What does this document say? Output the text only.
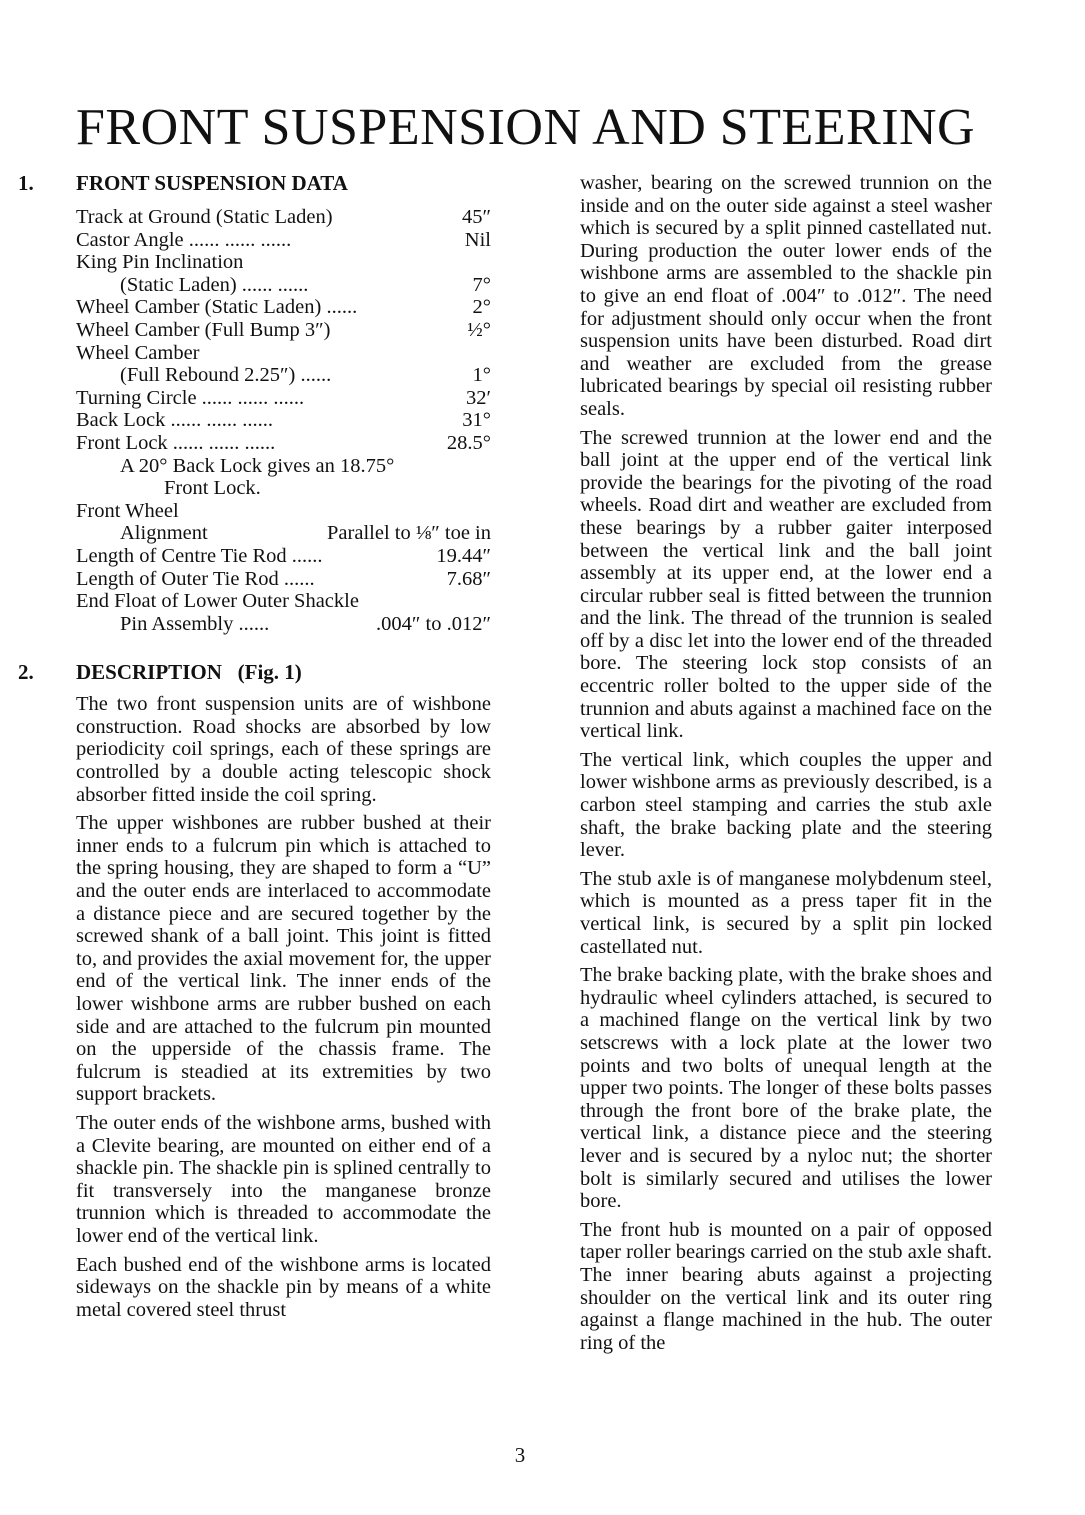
FRONT SUSPENSION AND STEERING
1.	FRONT SUSPENSION DATA
Track at Ground (Static Laden)	45″
Castor Angle ...... ...... ......	Nil
King Pin Inclination
(Static Laden) ...... ......	7°
Wheel Camber (Static Laden) ......	2°
Wheel Camber (Full Bump 3″)	½°
Wheel Camber
(Full Rebound 2.25″) ......	1°
Turning Circle ...... ...... ......	32′
Back Lock ...... ...... ......	31°
Front Lock ...... ...... ......	28.5°
A 20° Back Lock gives an 18.75°
Front Lock.
Front Wheel
Alignment	Parallel to ⅛″ toe in
Length of Centre Tie Rod ......	19.44″
Length of Outer Tie Rod ......	7.68″
End Float of Lower Outer Shackle
Pin Assembly ......	.004″ to .012″
2.	DESCRIPTION   (Fig. 1)

The two front suspension units are of wishbone construction. Road shocks are absorbed by low periodicity coil springs, each of these springs are controlled by a double acting telescopic shock absorber fitted inside the coil spring.

The upper wishbones are rubber bushed at their inner ends to a fulcrum pin which is attached to the spring housing, they are shaped to form a “U” and the outer ends are interlaced to accommodate a distance piece and are secured together by the screwed shank of a ball joint. This joint is fitted to, and provides the axial movement for, the upper end of the vertical link. The inner ends of the lower wishbone arms are rubber bushed on each side and are attached to the fulcrum pin mounted on the upperside of the chassis frame. The fulcrum is steadied at its extremities by two support brackets.

The outer ends of the wishbone arms, bushed with a Clevite bearing, are mounted on either end of a shackle pin. The shackle pin is splined centrally to fit transversely into the manganese bronze trunnion which is threaded to accommodate the lower end of the vertical link.

Each bushed end of the wishbone arms is located sideways on the shackle pin by means of a white metal covered steel thrust

washer, bearing on the screwed trunnion on the inside and on the outer side against a steel washer which is secured by a split pinned castellated nut. During production the outer lower ends of the wishbone arms are assembled to the shackle pin to give an end float of .004″ to .012″. The need for adjustment should only occur when the front suspension units have been disturbed. Road dirt and weather are excluded from the grease lubricated bearings by special oil resisting rubber seals.

The screwed trunnion at the lower end and the ball joint at the upper end of the vertical link provide the bearings for the pivoting of the road wheels. Road dirt and weather are excluded from these bearings by a rubber gaiter interposed between the vertical link and the ball joint assembly at its upper end, at the lower end a circular rubber seal is fitted between the trunnion and the link. The thread of the trunnion is sealed off by a disc let into the lower end of the threaded bore. The steering lock stop consists of an eccentric roller bolted to the upper side of the trunnion and abuts against a machined face on the vertical link.

The vertical link, which couples the upper and lower wishbone arms as previously described, is a carbon steel stamping and carries the stub axle shaft, the brake backing plate and the steering lever.

The stub axle is of manganese molybdenum steel, which is mounted as a press taper fit in the vertical link, is secured by a split pin locked castellated nut.

The brake backing plate, with the brake shoes and hydraulic wheel cylinders attached, is secured to a machined flange on the vertical link by two setscrews with a lock plate at the lower two points and two bolts of unequal length at the upper two points. The longer of these bolts passes through the front bore of the brake plate, the vertical link, a distance piece and the steering lever and is secured by a nyloc nut; the shorter bolt is similarly secured and utilises the lower bore.

The front hub is mounted on a pair of opposed taper roller bearings carried on the stub axle shaft. The inner bearing abuts against a projecting shoulder on the vertical link and its outer ring against a flange machined in the hub. The outer ring of the

3
